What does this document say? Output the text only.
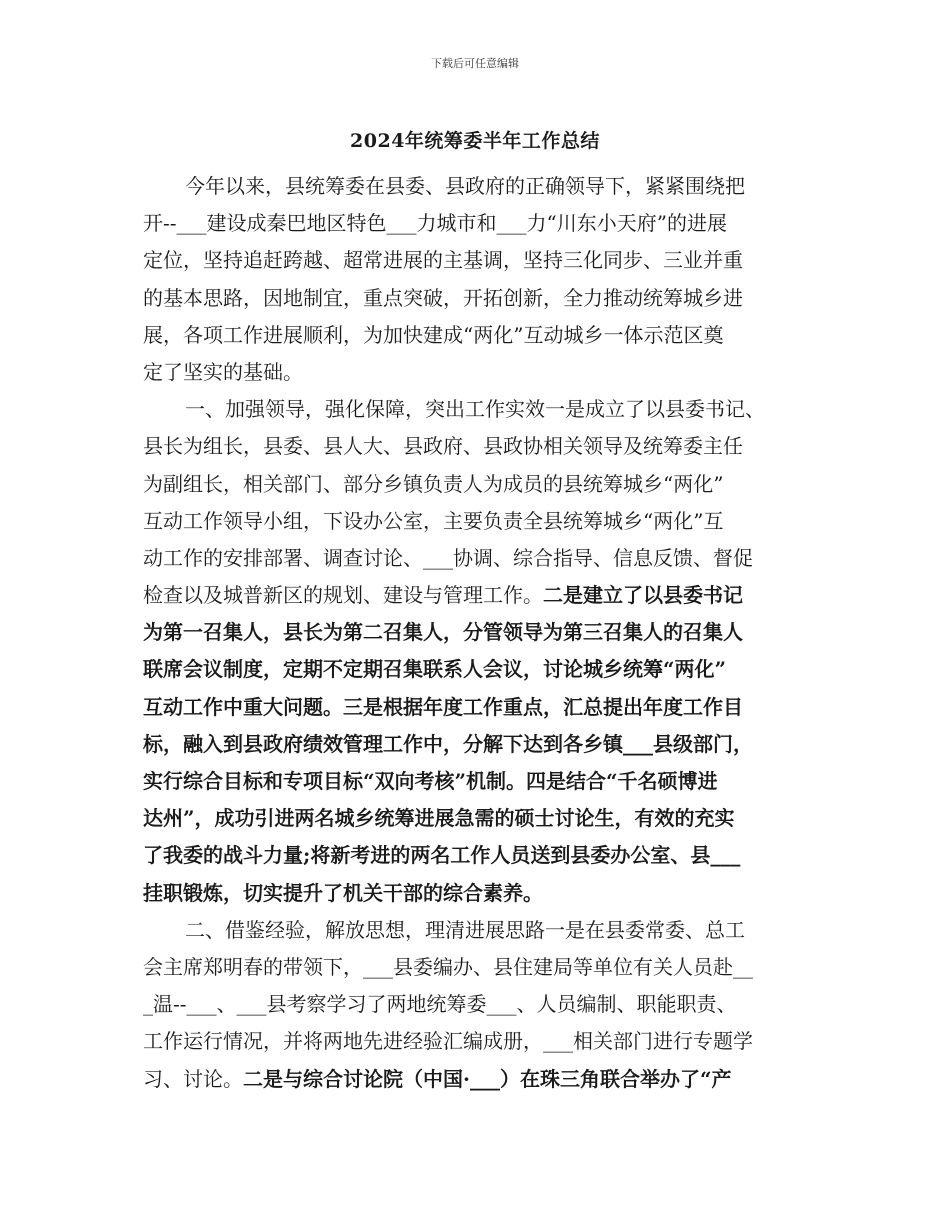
下载后可任意编辑
2024年统筹委半年工作总结
今年以来，县统筹委在县委、县政府的正确领导下，紧紧围绕把
开--___建设成秦巴地区特色___力城市和___力“川东小天府”的进展
定位，坚持追赶跨越、超常进展的主基调，坚持三化同步、三业并重
的基本思路，因地制宜，重点突破，开拓创新，全力推动统筹城乡进
展，各项工作进展顺利，为加快建成“两化”互动城乡一体示范区奠
定了坚实的基础。
一、加强领导，强化保障，突出工作实效一是成立了以县委书记、
县长为组长，县委、县人大、县政府、县政协相关领导及统筹委主任
为副组长，相关部门、部分乡镇负责人为成员的县统筹城乡“两化”
互动工作领导小组，下设办公室，主要负责全县统筹城乡“两化”互
动工作的安排部署、调查讨论、___协调、综合指导、信息反馈、督促
检查以及城普新区的规划、建设与管理工作。二是建立了以县委书记
为第一召集人，县长为第二召集人，分管领导为第三召集人的召集人
联席会议制度，定期不定期召集联系人会议，讨论城乡统筹“两化”
互动工作中重大问题。三是根据年度工作重点，汇总提出年度工作目
标，融入到县政府绩效管理工作中，分解下达到各乡镇___县级部门，
实行综合目标和专项目标“双向考核”机制。四是结合“千名硕博进
达州”，成功引进两名城乡统筹进展急需的硕士讨论生，有效的充实
了我委的战斗力量;将新考进的两名工作人员送到县委办公室、县___
挂职锻炼，切实提升了机关干部的综合素养。
二、借鉴经验，解放思想，理清进展思路一是在县委常委、总工
会主席郑明春的带领下，___县委编办、县住建局等单位有关人员赴__
_温--___、___县考察学习了两地统筹委___、人员编制、职能职责、
工作运行情况，并将两地先进经验汇编成册，___相关部门进行专题学
习、讨论。二是与综合讨论院（中国·___）在珠三角联合举办了“产
